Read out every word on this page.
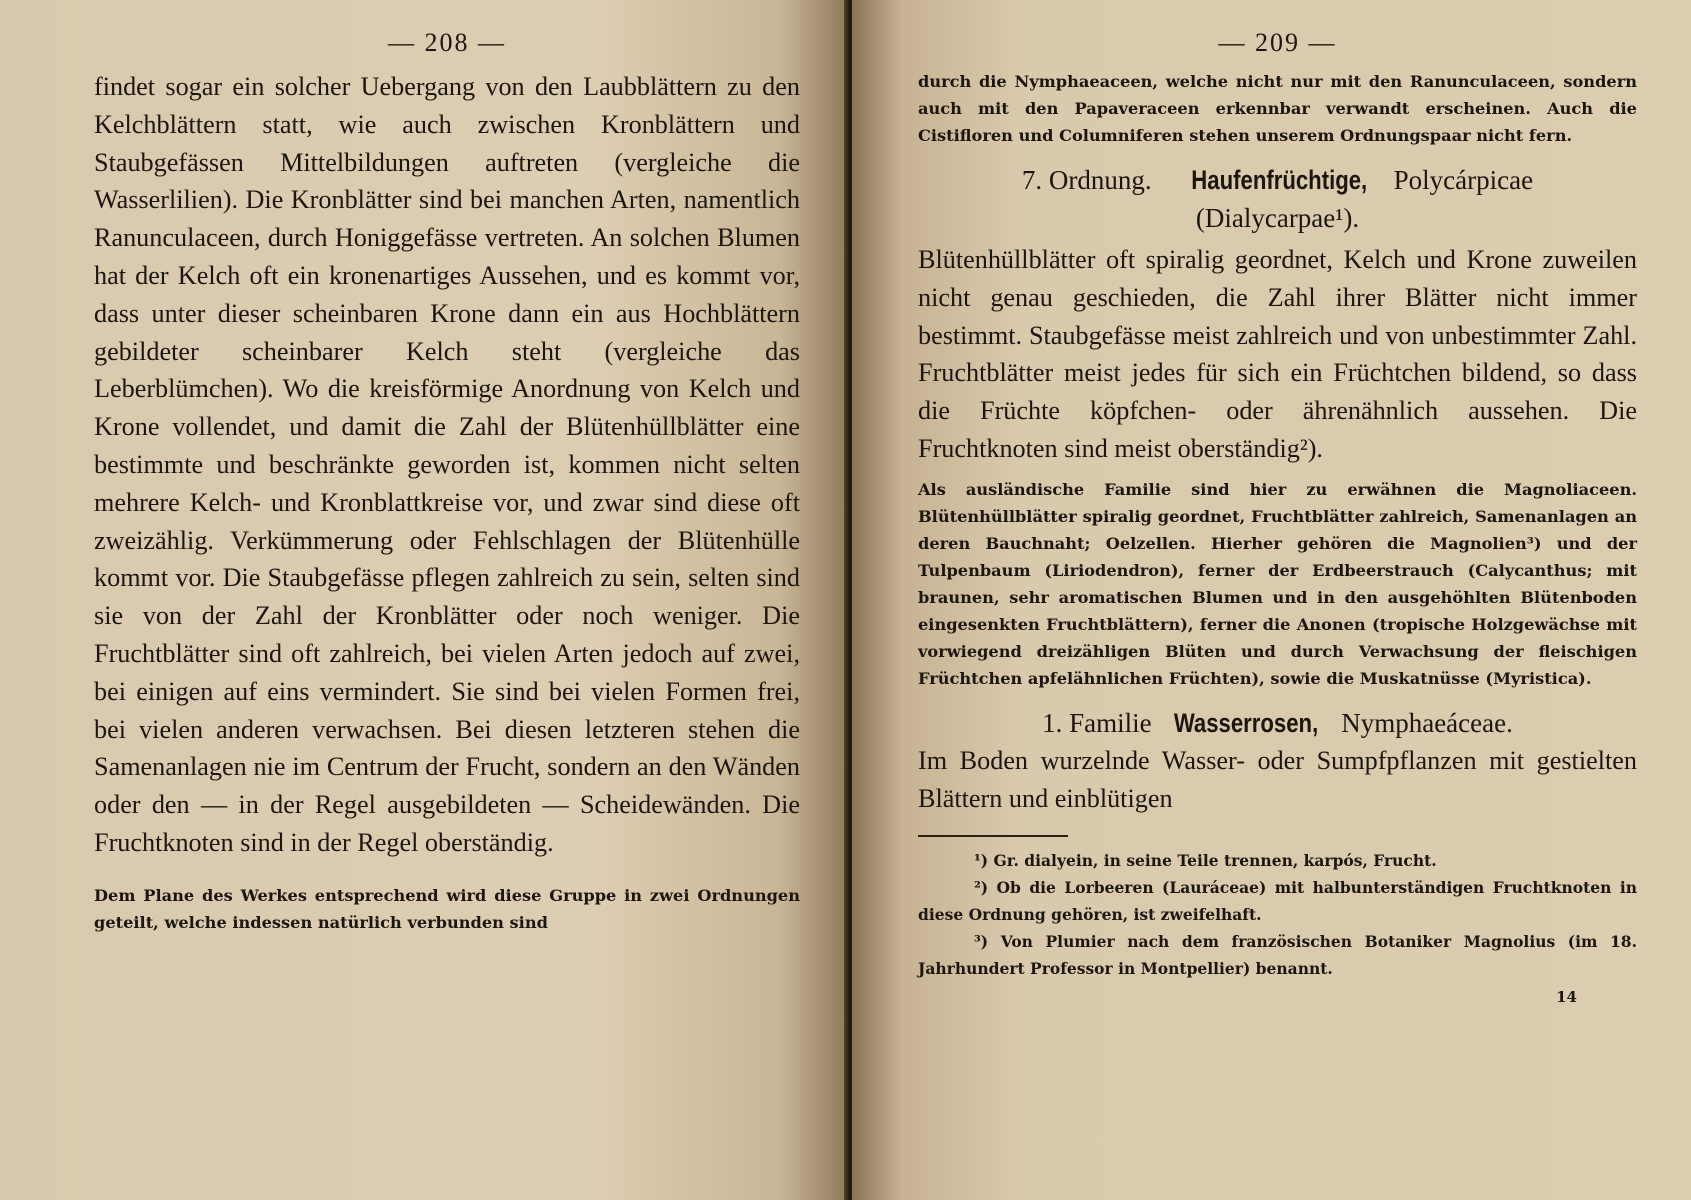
— 208 —

findet sogar ein solcher Uebergang von den Laubblättern zu den Kelchblättern statt, wie auch zwischen Kronblättern und Staubgefässen Mittelbildungen auftreten (vergleiche die Wasserlilien). Die Kronblätter sind bei manchen Arten, namentlich Ranunculaceen, durch Honiggefässe vertreten. An solchen Blumen hat der Kelch oft ein kronenartiges Aussehen, und es kommt vor, dass unter dieser scheinbaren Krone dann ein aus Hochblättern gebildeter scheinbarer Kelch steht (vergleiche das Leberblümchen). Wo die kreisförmige Anordnung von Kelch und Krone vollendet, und damit die Zahl der Blütenhüllblätter eine bestimmte und beschränkte geworden ist, kommen nicht selten mehrere Kelch- und Kronblattkreise vor, und zwar sind diese oft zweizählig. Verkümmerung oder Fehlschlagen der Blütenhülle kommt vor. Die Staubgefässe pflegen zahlreich zu sein, selten sind sie von der Zahl der Kronblätter oder noch weniger. Die Fruchtblätter sind oft zahlreich, bei vielen Arten jedoch auf zwei, bei einigen auf eins vermindert. Sie sind bei vielen Formen frei, bei vielen anderen verwachsen. Bei diesen letzteren stehen die Samenanlagen nie im Centrum der Frucht, sondern an den Wänden oder den — in der Regel ausgebildeten — Scheidewänden. Die Fruchtknoten sind in der Regel oberständig.

Dem Plane des Werkes entsprechend wird diese Gruppe in zwei Ordnungen geteilt, welche indessen natürlich verbunden sind

— 209 —

durch die Nymphaeaceen, welche nicht nur mit den Ranunculaceen, sondern auch mit den Papaveraceen erkennbar verwandt erscheinen. Auch die Cistifloren und Columniferen stehen unserem Ordnungspaar nicht fern.

7. Ordnung. Haufenfrüchtige, Polycárpicae
(Dialycarpae¹).

Blütenhüllblätter oft spiralig geordnet, Kelch und Krone zuweilen nicht genau geschieden, die Zahl ihrer Blätter nicht immer bestimmt. Staubgefässe meist zahlreich und von unbestimmter Zahl. Fruchtblätter meist jedes für sich ein Früchtchen bildend, so dass die Früchte köpfchen- oder ährenähnlich aussehen. Die Fruchtknoten sind meist oberständig²).

Als ausländische Familie sind hier zu erwähnen die Magnoliaceen. Blütenhüllblätter spiralig geordnet, Fruchtblätter zahlreich, Samenanlagen an deren Bauchnaht; Oelzellen. Hierher gehören die Magnolien³) und der Tulpenbaum (Liriodendron), ferner der Erdbeerstrauch (Calycanthus; mit braunen, sehr aromatischen Blumen und in den ausgehöhlten Blütenboden eingesenkten Fruchtblättern), ferner die Anonen (tropische Holzgewächse mit vorwiegend dreizähligen Blüten und durch Verwachsung der fleischigen Früchtchen apfelähnlichen Früchten), sowie die Muskatnüsse (Myristica).

1. Familie Wasserrosen, Nymphaeáceae.

Im Boden wurzelnde Wasser- oder Sumpfpflanzen mit gestielten Blättern und einblütigen

¹) Gr. dialyein, in seine Teile trennen, karpós, Frucht.

²) Ob die Lorbeeren (Lauráceae) mit halbunterständigen Fruchtknoten in diese Ordnung gehören, ist zweifelhaft.

³) Von Plumier nach dem französischen Botaniker Magnolius (im 18. Jahrhundert Professor in Montpellier) benannt.

14
